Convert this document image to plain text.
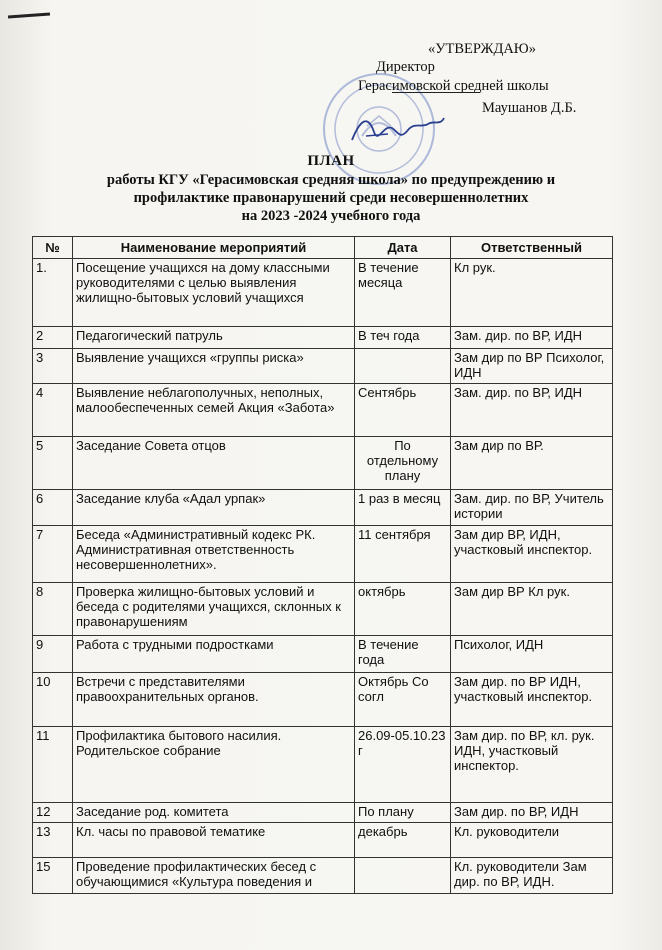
«УТВЕРЖДАЮ»
Директор
Герасимовской средней школы
Маушанов Д.Б.
ПЛАН
работы КГУ «Герасимовская средняя школа» по предупреждению и
профилактике правонарушений среди несовершеннолетних
на 2023 -2024 учебного года
№	Наименование мероприятий	Дата	Ответственный
1.	Посещение учащихся на дому классными руководителями с целью выявления жилищно-бытовых условий учащихся	В течение месяца	Кл рук.
2	Педагогический патруль	В теч года	Зам. дир. по ВР, ИДН
3	Выявление учащихся «группы риска»		Зам дир по ВР Психолог, ИДН
4	Выявление неблагополучных, неполных, малообеспеченных семей Акция «Забота»	Сентябрь	Зам. дир. по ВР, ИДН
5	Заседание Совета отцов	По отдельному плану	Зам дир по ВР.
6	Заседание клуба «Адал урпак»	1 раз в месяц	Зам. дир. по ВР, Учитель истории
7	Беседа «Административный кодекс РК. Административная ответственность несовершеннолетних».	11 сентября	Зам дир ВР, ИДН, участковый инспектор.
8	Проверка жилищно-бытовых условий и беседа с родителями учащихся, склонных к правонарушениям	октябрь	Зам дир ВР Кл рук.
9	Работа с трудными подростками	В течение года	Психолог, ИДН
10	Встречи с представителями правоохранительных органов.	Октябрь Со согл	Зам дир. по ВР ИДН, участковый инспектор.
11	Профилактика бытового насилия. Родительское собрание	26.09-05.10.23 г	Зам дир. по ВР, кл. рук. ИДН, участковый инспектор.
12	Заседание род. комитета	По плану	Зам дир. по ВР, ИДН
13	Кл. часы по правовой тематике	декабрь	Кл. руководители
15	Проведение профилактических бесед с обучающимися «Культура поведения и		Кл. руководители Зам дир. по ВР, ИДН.
